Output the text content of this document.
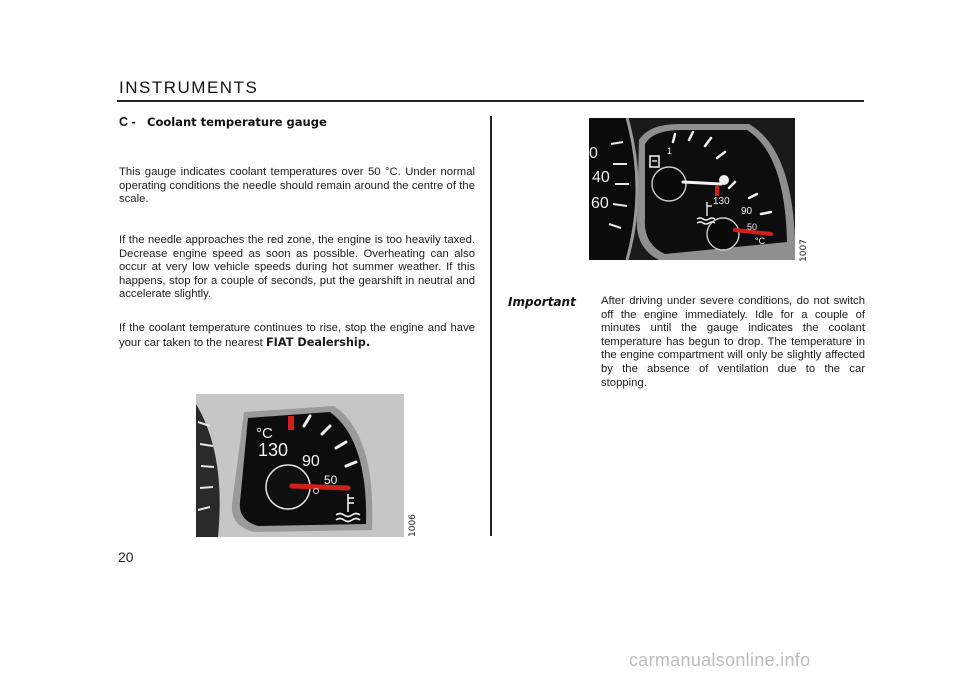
INSTRUMENTS
C - Coolant temperature gauge

This gauge indicates coolant temperatures over 50 °C. Under normal operating conditions the needle should remain around the centre of the scale.

If the needle approaches the red zone, the engine is too heavily taxed. Decrease engine speed as soon as possible. Overheating can also occur at very low vehicle speeds during hot summer weather. If this happens, stop for a couple of seconds, put the gearshift in neutral and accelerate slightly.

If the coolant temperature continues to rise, stop the engine and have your car taken to the nearest FIAT Dealership.

°C
130
90
50
1006
0
40
60
1
130
90
50
°C	1007
Important After driving under severe conditions, do not switch off the engine immediately. Idle for a couple of minutes until the gauge indicates the coolant temperature has begun to drop. The temperature in the engine compartment will only be slightly affected by the absence of ventilation due to the car stopping.

20
carmanualsonline.info
